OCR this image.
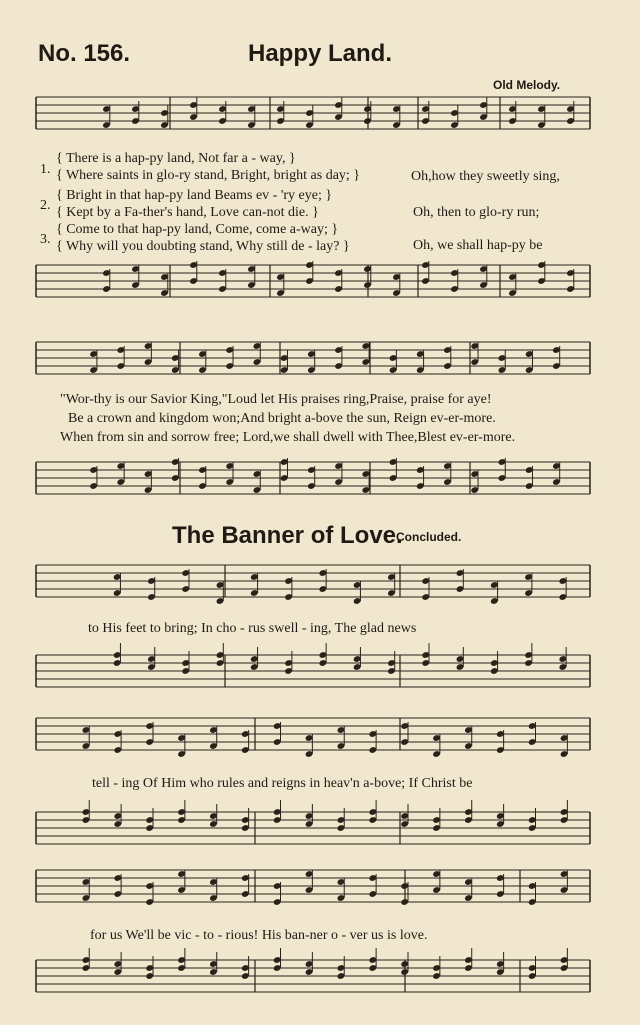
No. 156.	Happy Land.
Old Melody.
1.
2.
3.
{ There is a hap-py land, Not far a - way, }
{ Where saints in glo-ry stand, Bright, bright as day; }
{ Bright in that hap-py land Beams ev - 'ry eye; }
{ Kept by a Fa-ther's hand, Love can-not die. }
{ Come to that hap-py land, Come, come a-way; }
{ Why will you doubting stand, Why still de - lay? }
Oh,how they sweetly sing,
Oh, then to glo-ry run;
Oh, we shall hap-py be
"Wor-thy is our Savior King,"Loud let His praises ring,Praise, praise for aye!
Be a crown and kingdom won;And bright a-bove the sun, Reign ev-er-more.
When from sin and sorrow free; Lord,we shall dwell with Thee,Blest ev-er-more.
The Banner of Love.
Concluded.
to His feet to bring; In cho - rus swell - ing, The glad news
tell - ing Of Him who rules and reigns in heav'n a-bove; If Christ be
for us We'll be vic - to - rious! His ban-ner o - ver us is love.
